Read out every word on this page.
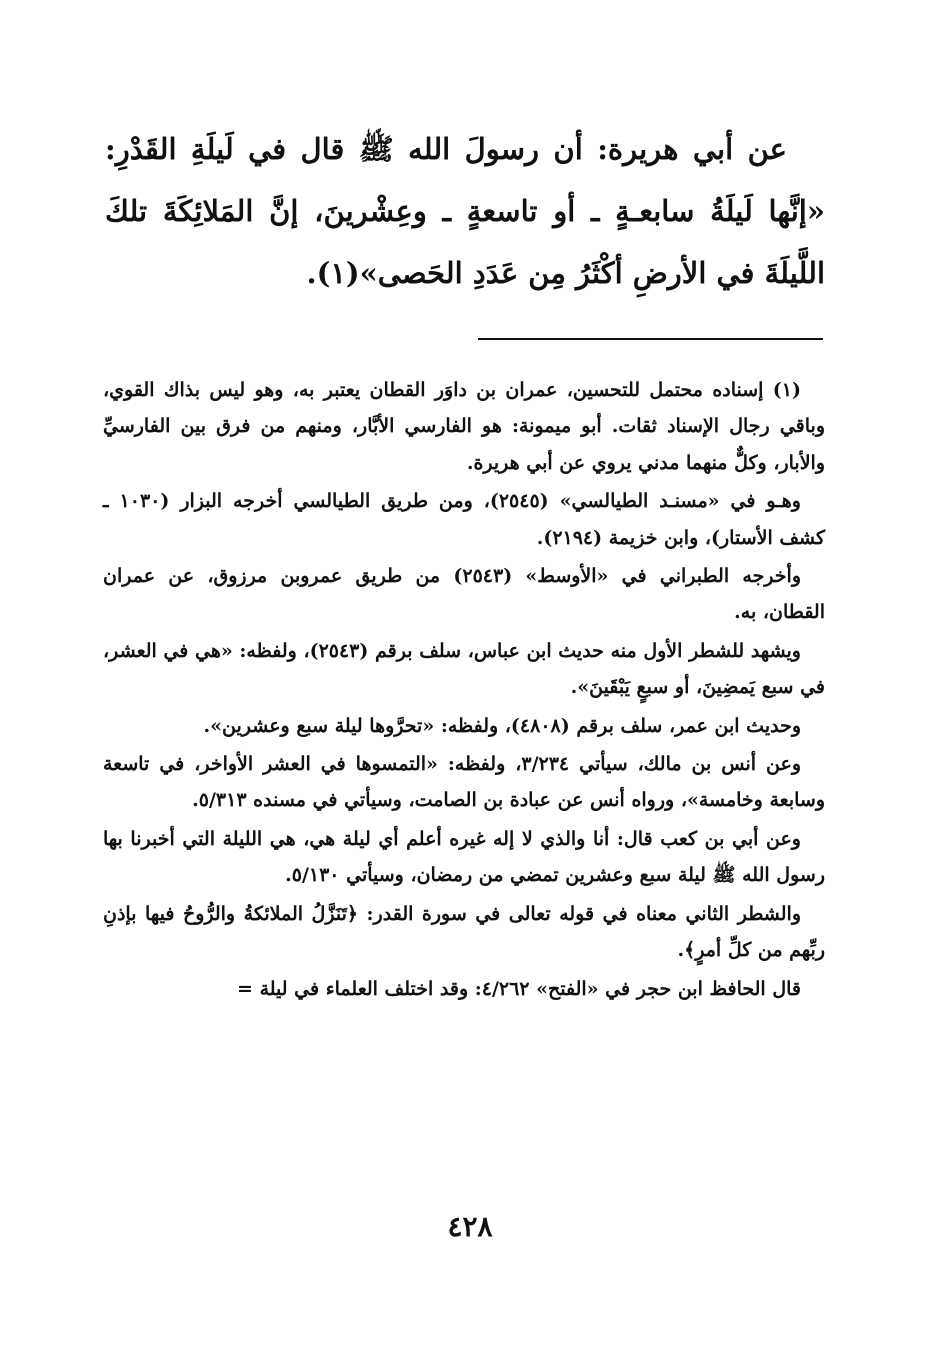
عن أبي هريرة: أن رسولَ الله ﷺ قال في لَيلَةِ القَدْرِ: «إنَّها لَيلَةُ سابعـةٍ ـ أو تاسعةٍ ـ وعِشْرينَ، إنَّ المَلائِكَةَ تلكَ اللَّيلَةَ في الأرضِ أكْثَرُ مِن عَدَدِ الحَصى»(١).

(١) إسناده محتمل للتحسين، عمران بن داوَر القطان يعتبر به، وهو ليس بذاك القوي، وباقي رجال الإسناد ثقات. أبو ميمونة: هو الفارسي الأبَّار، ومنهم من فرق بين الفارسيِّ والأبار، وكلٌّ منهما مدني يروي عن أبي هريرة.

وهـو في «مسنـد الطيالسي» (٢٥٤٥)، ومن طريق الطيالسي أخرجه البزار (١٠٣٠ ـ كشف الأستار)، وابن خزيمة (٢١٩٤).

وأخرجه الطبراني في «الأوسط» (٢٥٤٣) من طريق عمروبن مرزوق، عن عمران القطان، به.

ويشهد للشطر الأول منه حديث ابن عباس، سلف برقم (٢٥٤٣)، ولفظه: «هي في العشر، في سبع يَمضِينَ، أو سبعٍ يَبْقَينَ».

وحديث ابن عمر، سلف برقم (٤٨٠٨)، ولفظه: «تحرَّوها ليلة سبع وعشرين».

وعن أنس بن مالك، سيأتي ٣/٢٣٤، ولفظه: «التمسوها في العشر الأواخر، في تاسعة وسابعة وخامسة»، ورواه أنس عن عبادة بن الصامت، وسيأتي في مسنده ٥/٣١٣.

وعن أبي بن كعب قال: أنا والذي لا إله غيره أعلم أي ليلة هي، هي الليلة التي أخبرنا بها رسول الله ﷺ ليلة سبع وعشرين تمضي من رمضان، وسيأتي ٥/١٣٠.

والشطر الثاني معناه في قوله تعالى في سورة القدر: ﴿تَنَزَّلُ الملائكةُ والرُّوحُ فيها بإذنِ ربِّهم من كلِّ أمرٍ﴾.

قال الحافظ ابن حجر في «الفتح» ٤/٢٦٢: وقد اختلف العلماء في ليلة =

٤٢٨
